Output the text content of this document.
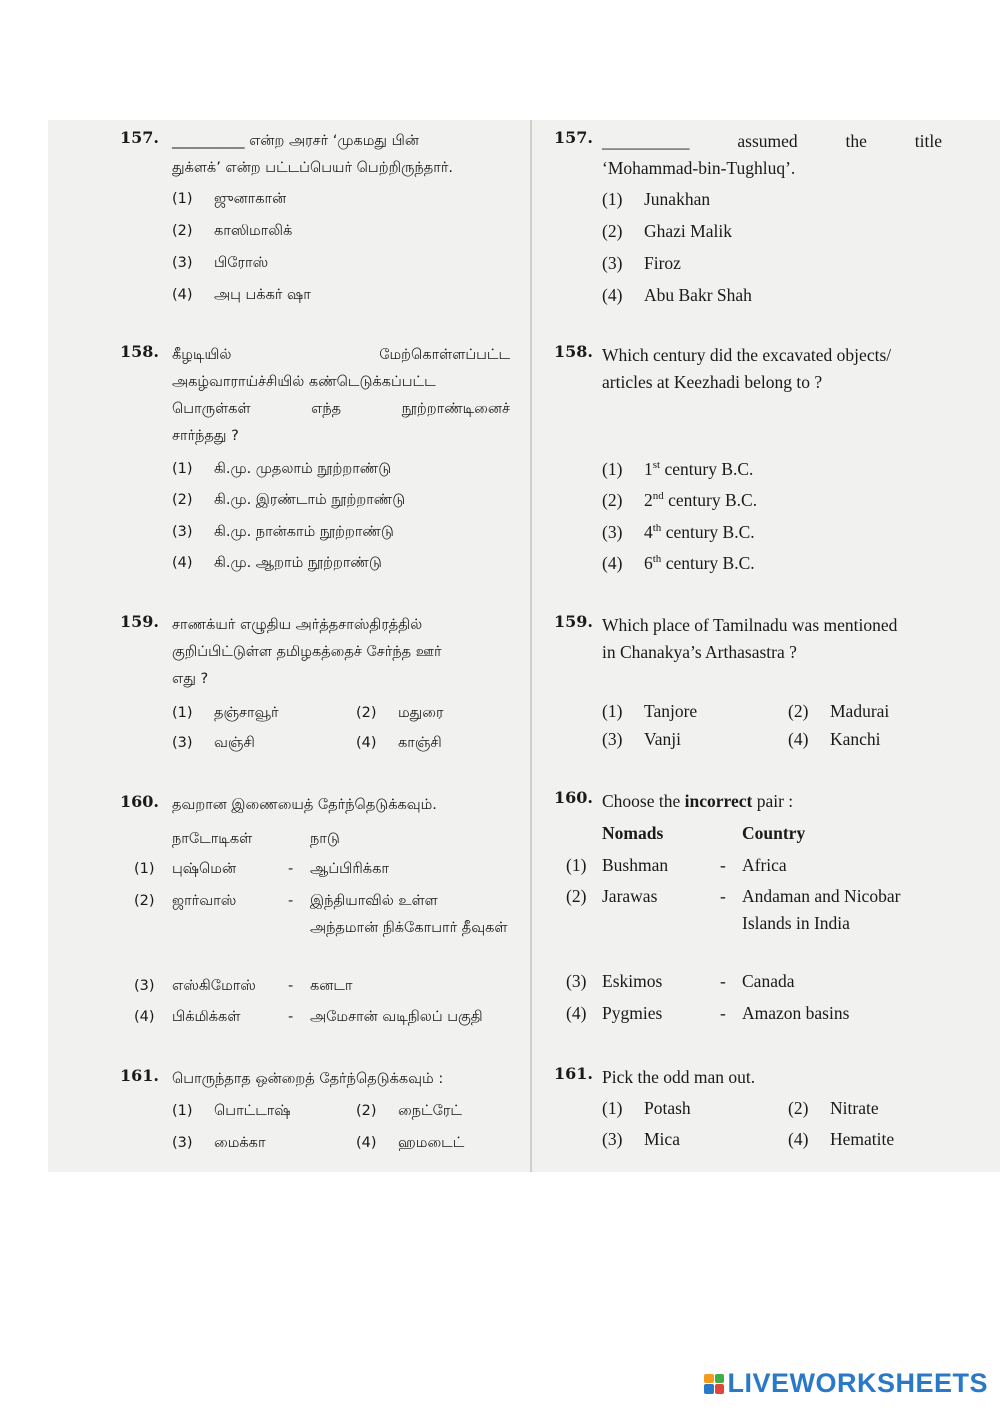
157. __________ என்ற அரசர் ‘முகமது பின்
துக்ளக்’ என்ற பட்டப்பெயர் பெற்றிருந்தார்.
(1) ஜுனாகான்
(2) காஸிமாலிக்
(3) பிரோஸ்
(4) அபு பக்கர் ஷா
157. __________	assumed the title
‘Mohammad-bin-Tughluq’.
(1) Junakhan
(2) Ghazi Malik
(3) Firoz
(4) Abu Bakr Shah
158. கீழடியில் மேற்கொள்ளப்பட்ட
அகழ்வாராய்ச்சியில் கண்டெடுக்கப்பட்ட
பொருள்கள் எந்த நூற்றாண்டினைச்
சார்ந்தது ?
(1) கி.மு. முதலாம் நூற்றாண்டு
(2) கி.மு. இரண்டாம் நூற்றாண்டு
(3) கி.மு. நான்காம் நூற்றாண்டு
(4) கி.மு. ஆறாம் நூற்றாண்டு
158. Which century did the excavated objects/
articles at Keezhadi belong to ?
(1) 1st century B.C.
(2) 2nd century B.C.
(3) 4th century B.C.
(4) 6th century B.C.
159. சாணக்யர் எழுதிய அர்த்தசாஸ்திரத்தில்
குறிப்பிட்டுள்ள தமிழகத்தைச் சேர்ந்த ஊர்
எது ?
(1) தஞ்சாவூர்	(2) மதுரை
(3) வஞ்சி	(4) காஞ்சி
159. Which place of Tamilnadu was mentioned
in Chanakya’s Arthasastra ?
(1) Tanjore	(2) Madurai
(3) Vanji	(4) Kanchi
160. தவறான இணையைத் தேர்ந்தெடுக்கவும்.
நாடோடிகள்	நாடு
(1) புஷ்மென்	- ஆப்பிரிக்கா
(2) ஜார்வாஸ்	- இந்தியாவில் உள்ள அந்தமான் நிக்கோபார் தீவுகள்
(3) எஸ்கிமோஸ் - கனடா
(4) பிக்மிக்கள்	- அமேசான் வடிநிலப் பகுதி
160. Choose the incorrect pair :
Nomads	Country
(1) Bushman	- Africa
(2) Jarawas	- Andaman and Nicobar Islands in India
(3) Eskimos	- Canada
(4) Pygmies	- Amazon basins
161. பொருந்தாத ஒன்றைத் தேர்ந்தெடுக்கவும் :
(1) பொட்டாஷ்	(2) நைட்ரேட்
(3) மைக்கா	(4) ஹமடைட்
161. Pick the odd man out.
(1) Potash	(2) Nitrate
(3) Mica	(4) Hematite
LIVEWORKSHEETS
